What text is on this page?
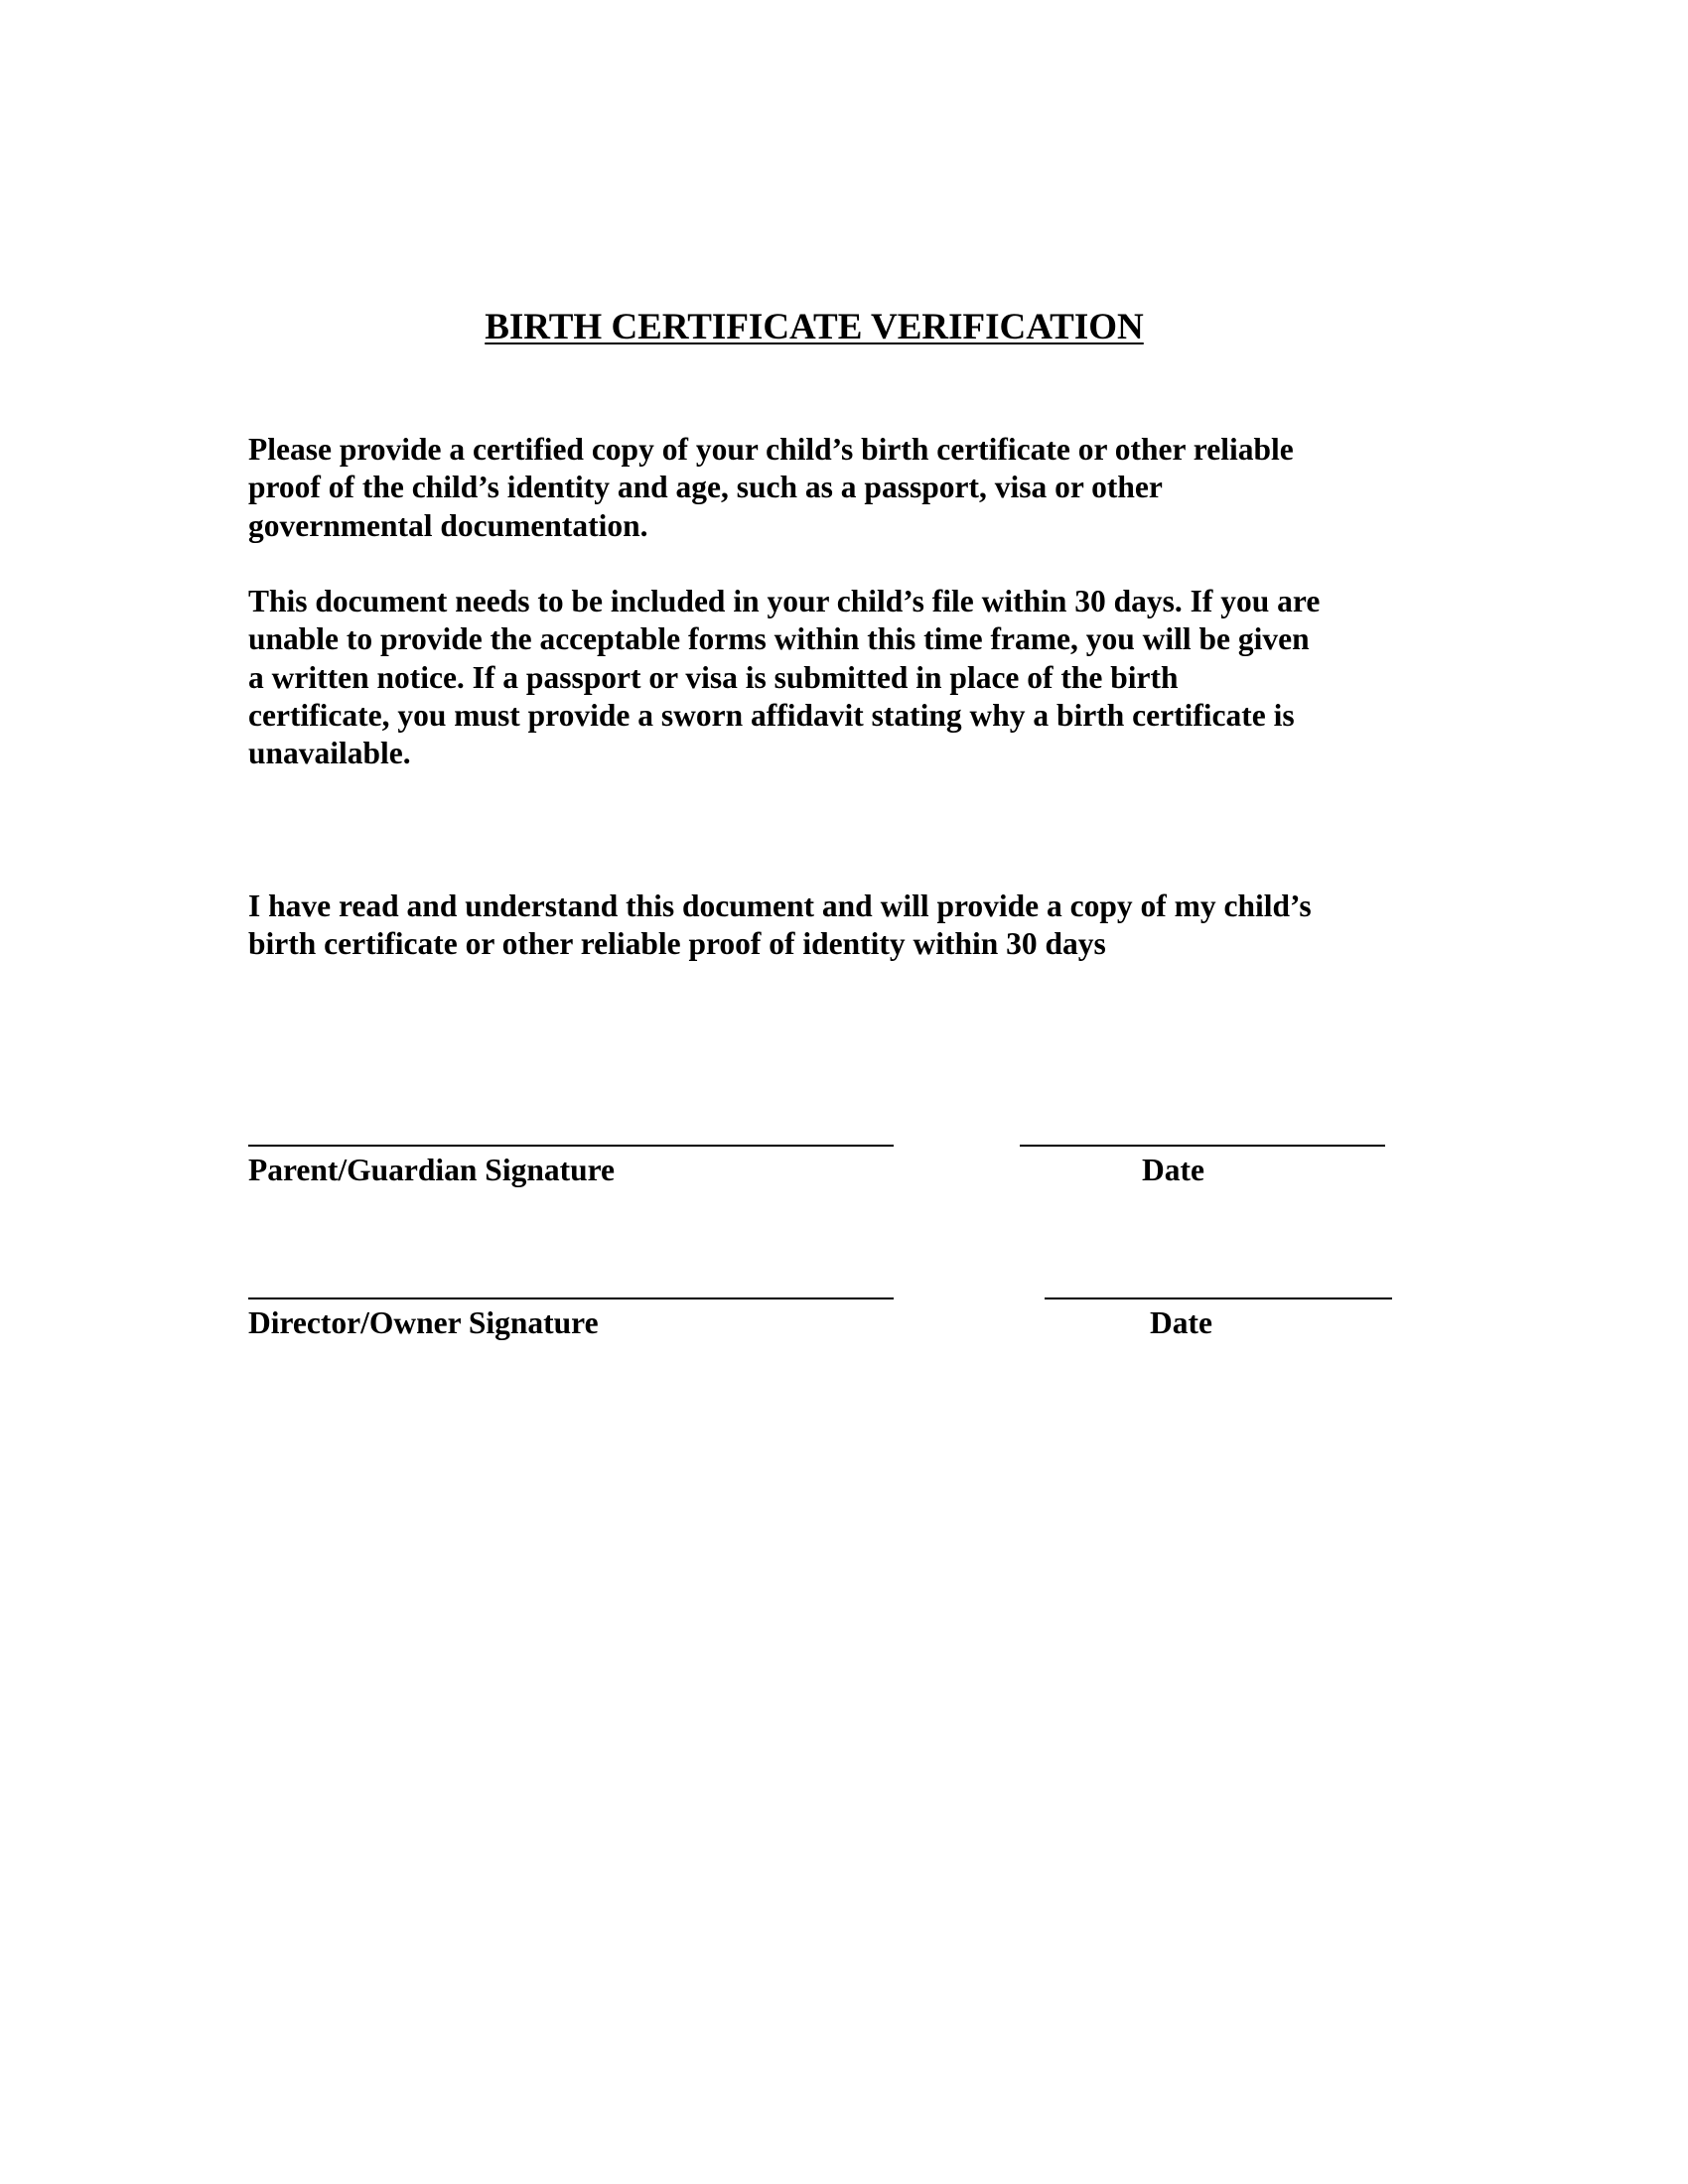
BIRTH CERTIFICATE VERIFICATION
Please provide a certified copy of your child’s birth certificate or other reliable
proof of the child’s identity and age, such as a passport, visa or other
governmental documentation.
This document needs to be included in your child’s file within 30 days. If you are
unable to provide the acceptable forms within this time frame, you will be given
a written notice. If a passport or visa is submitted in place of the birth
certificate, you must provide a sworn affidavit stating why a birth certificate is
unavailable.
I have read and understand this document and will provide a copy of my child’s
birth certificate or other reliable proof of identity within 30 days
Parent/Guardian Signature	Date
Director/Owner Signature	Date
